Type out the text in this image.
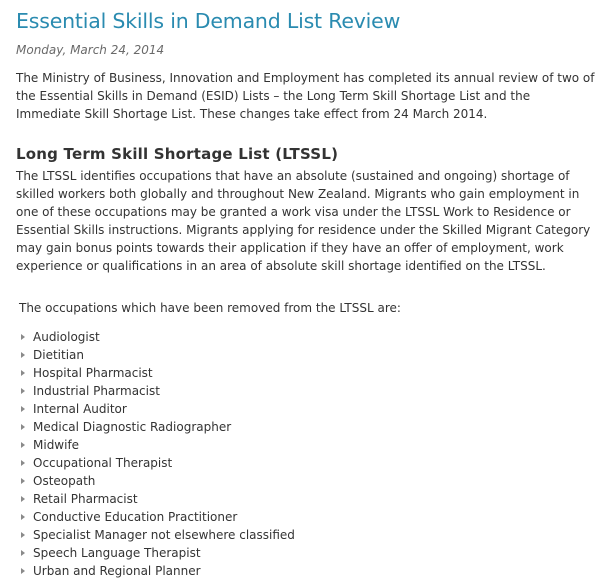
Essential Skills in Demand List Review
Monday, March 24, 2014

The Ministry of Business, Innovation and Employment has completed its annual review of two of the Essential Skills in Demand (ESID) Lists – the Long Term Skill Shortage List and the Immediate Skill Shortage List. These changes take effect from 24 March 2014.

Long Term Skill Shortage List (LTSSL)

The LTSSL identifies occupations that have an absolute (sustained and ongoing) shortage of skilled workers both globally and throughout New Zealand. Migrants who gain employment in one of these occupations may be granted a work visa under the LTSSL Work to Residence or Essential Skills instructions. Migrants applying for residence under the Skilled Migrant Category may gain bonus points towards their application if they have an offer of employment, work experience or qualifications in an area of absolute skill shortage identified on the LTSSL.

The occupations which have been removed from the LTSSL are:

Audiologist
Dietitian
Hospital Pharmacist
Industrial Pharmacist
Internal Auditor
Medical Diagnostic Radiographer
Midwife
Occupational Therapist
Osteopath
Retail Pharmacist
Conductive Education Practitioner
Specialist Manager not elsewhere classified
Speech Language Therapist
Urban and Regional Planner
